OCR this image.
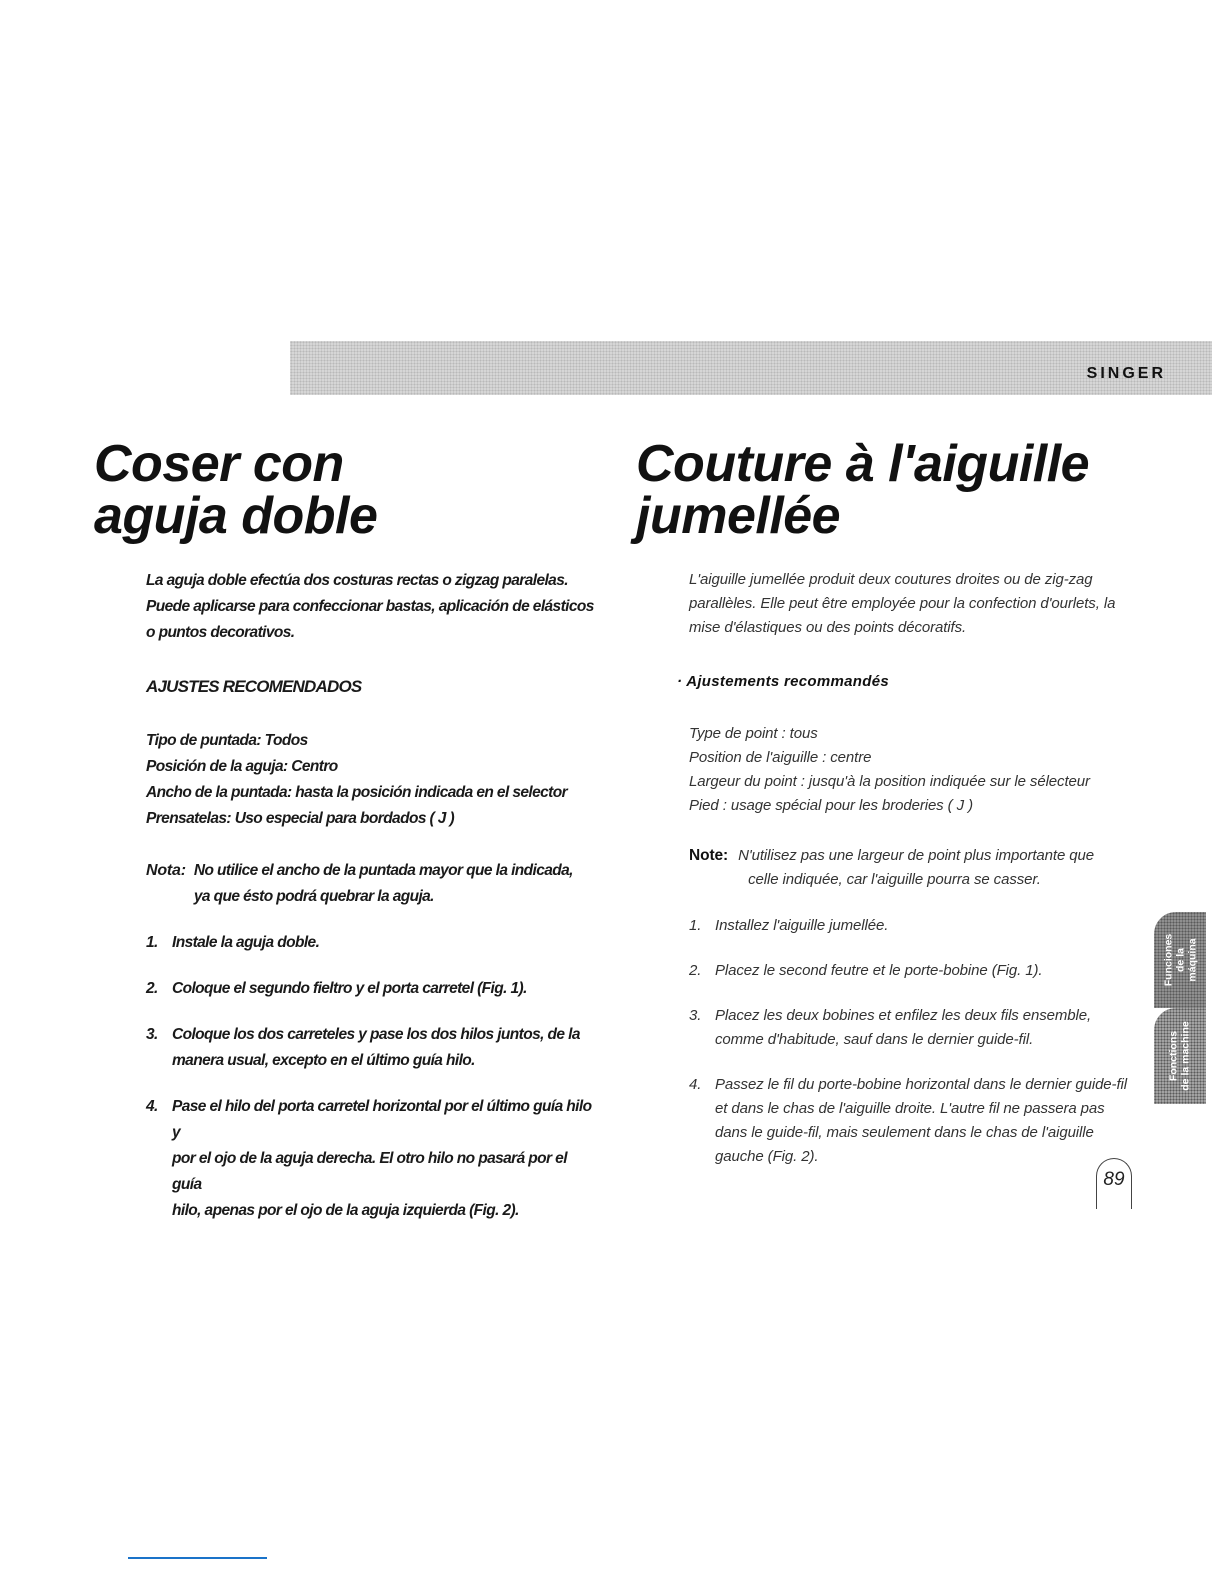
SINGER
Coser con
aguja doble

La aguja doble efectúa dos costuras rectas o zigzag paralelas.

Puede aplicarse para confeccionar bastas, aplicación de elásticos

o puntos decorativos.

AJUSTES RECOMENDADOS

Tipo de puntada: Todos

Posición de la aguja: Centro

Ancho de la puntada: hasta la posición indicada en el selector

Prensatelas: Uso especial para bordados ( J )

Nota: No utilice el ancho de la puntada mayor que la indicada,
ya que ésto podrá quebrar la aguja.
1. Instale la aguja doble.
2. Coloque el segundo fieltro y el porta carretel (Fig. 1).
3. Coloque los dos carreteles y pase los dos hilos juntos, de la
manera usual, excepto en el último guía hilo.
4. Pase el hilo del porta carretel horizontal por el último guía hilo y
por el ojo de la aguja derecha. El otro hilo no pasará por el guía
hilo, apenas por el ojo de la aguja izquierda (Fig. 2).
Couture à l'aiguille
jumellée

L'aiguille jumellée produit deux coutures droites ou de zig-zag

parallèles. Elle peut être employée pour la confection d'ourlets, la

mise d'élastiques ou des points décoratifs.

· Ajustements recommandés

Type de point : tous

Position de l'aiguille : centre

Largeur du point : jusqu'à la position indiquée sur le sélecteur

Pied : usage spécial pour les broderies ( J )

Note: N'utilisez pas une largeur de point plus importante que
celle indiquée, car l'aiguille pourra se casser.
1. Installez l'aiguille jumellée.
2. Placez le second feutre et le porte-bobine (Fig. 1).
3. Placez les deux bobines et enfilez les deux fils ensemble,
comme d'habitude, sauf dans le dernier guide-fil.
4. Passez le fil du porte-bobine horizontal dans le dernier guide-fil
et dans le chas de l'aiguille droite. L'autre fil ne passera pas
dans le guide-fil, mais seulement dans le chas de l'aiguille
gauche (Fig. 2).
Funciones de la máquina
Fonctions de la machine
89
